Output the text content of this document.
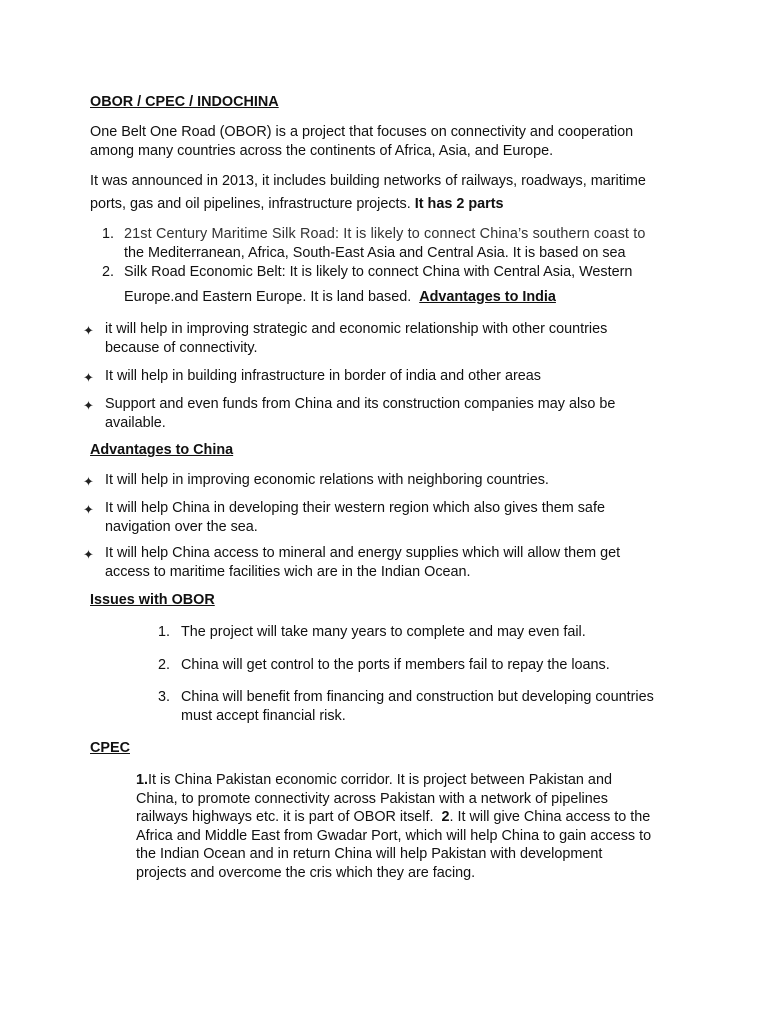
OBOR / CPEC / INDOCHINA
One Belt One Road (OBOR) is a project that focuses on connectivity and cooperation among many countries across the continents of Africa, Asia, and Europe.
It was announced in 2013, it includes building networks of railways, roadways, maritime ports, gas and oil pipelines, infrastructure projects. It has 2 parts
1. 21st Century Maritime Silk Road: It is likely to connect China’s southern coast to
the Mediterranean, Africa, South-East Asia and Central Asia. It is based on sea
2. Silk Road Economic Belt: It is likely to connect China with Central Asia, Western
Europe.and Eastern Europe. It is land based. Advantages to India
✦ it will help in improving strategic and economic relationship with other countries
because of connectivity.
✦ It will help in building infrastructure in border of india and other areas
✦ Support and even funds from China and its construction companies may also be
available.
Advantages to China
✦ It will help in improving economic relations with neighboring countries.
✦ It will help China in developing their western region which also gives them safe
navigation over the sea.
✦ It will help China access to mineral and energy supplies which will allow them get
access to maritime facilities wich are in the Indian Ocean.
Issues with OBOR
1. The project will take many years to complete and may even fail.
2. China will get control to the ports if members fail to repay the loans.
3. China will benefit from financing and construction but developing countries
must accept financial risk.
CPEC
1.It is China Pakistan economic corridor. It is project between Pakistan and
China, to promote connectivity across Pakistan with a network of pipelines
railways highways etc. it is part of OBOR itself. 2. It will give China access to the
Africa and Middle East from Gwadar Port, which will help China to gain access to
the Indian Ocean and in return China will help Pakistan with development
projects and overcome the cris which they are facing.
